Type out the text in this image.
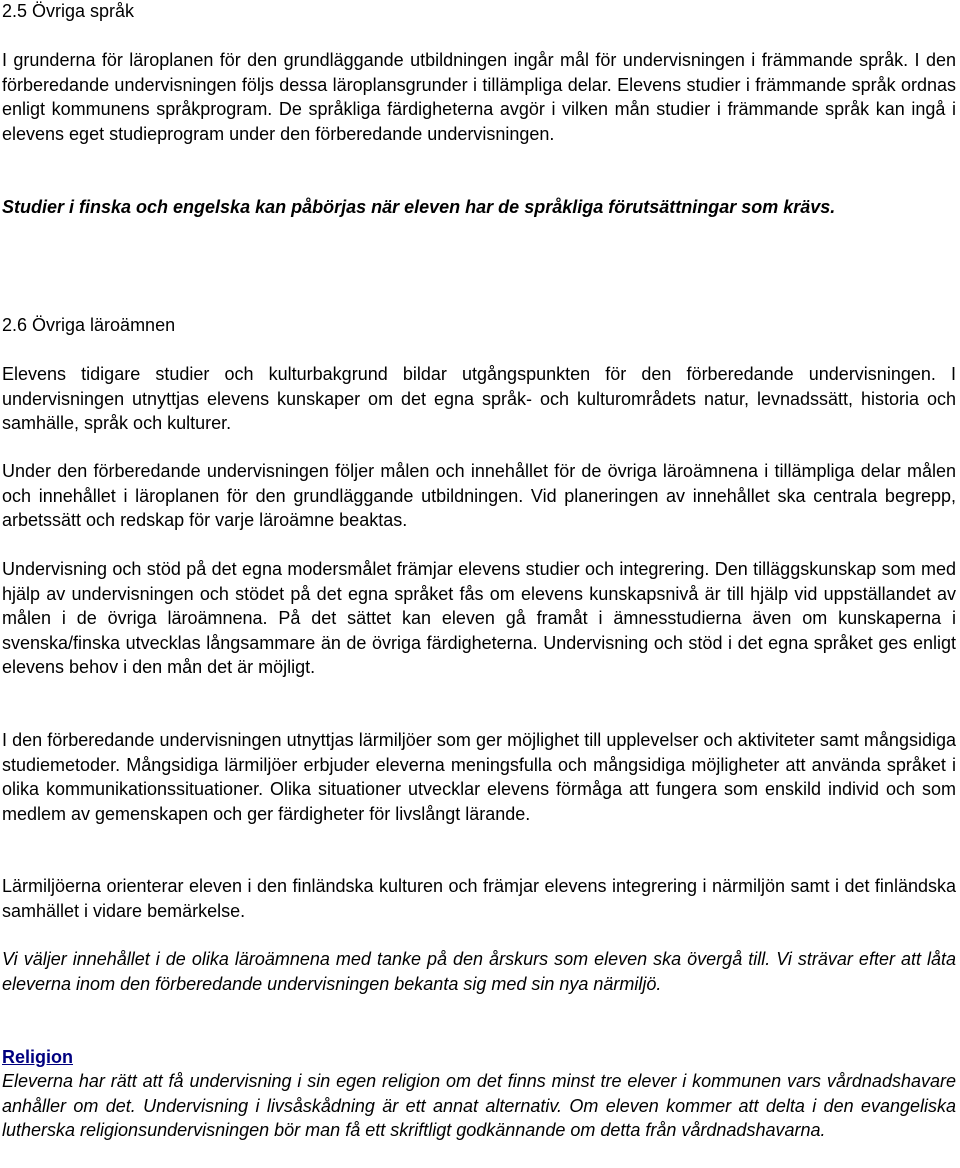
2.5 Övriga språk

I grunderna för läroplanen för den grundläggande utbildningen ingår mål för undervisningen i främmande språk. I den förberedande undervisningen följs dessa läroplansgrunder i tillämpliga delar. Elevens studier i främmande språk ordnas enligt kommunens språkprogram. De språkliga färdigheterna avgör i vilken mån studier i främmande språk kan ingå i elevens eget studieprogram under den förberedande undervisningen.

Studier i finska och engelska kan påbörjas när eleven har de språkliga förutsättningar som krävs.

2.6 Övriga läroämnen

Elevens tidigare studier och kulturbakgrund bildar utgångspunkten för den förberedande undervisningen. I undervisningen utnyttjas elevens kunskaper om det egna språk- och kulturområdets natur, levnadssätt, historia och samhälle, språk och kulturer.

Under den förberedande undervisningen följer målen och innehållet för de övriga läroämnena i tillämpliga delar målen och innehållet i läroplanen för den grundläggande utbildningen. Vid planeringen av innehållet ska centrala begrepp, arbetssätt och redskap för varje läroämne beaktas.

Undervisning och stöd på det egna modersmålet främjar elevens studier och integrering. Den tilläggskunskap som med hjälp av undervisningen och stödet på det egna språket fås om elevens kunskapsnivå är till hjälp vid uppställandet av målen i de övriga läroämnena. På det sättet kan eleven gå framåt i ämnesstudierna även om kunskaperna i svenska/finska utvecklas långsammare än de övriga färdigheterna. Undervisning och stöd i det egna språket ges enligt elevens behov i den mån det är möjligt.

I den förberedande undervisningen utnyttjas lärmiljöer som ger möjlighet till upplevelser och aktiviteter samt mångsidiga studiemetoder. Mångsidiga lärmiljöer erbjuder eleverna meningsfulla och mångsidiga möjligheter att använda språket i olika kommunikationssituationer. Olika situationer utvecklar elevens förmåga att fungera som enskild individ och som medlem av gemenskapen och ger färdigheter för livslångt lärande.

Lärmiljöerna orienterar eleven i den finländska kulturen och främjar elevens integrering i närmiljön samt i det finländska samhället i vidare bemärkelse.

Vi väljer innehållet i de olika läroämnena med tanke på den årskurs som eleven ska övergå till. Vi strävar efter att låta eleverna inom den förberedande undervisningen bekanta sig med sin nya närmiljö.

Religion

Eleverna har rätt att få undervisning i sin egen religion om det finns minst tre elever i kommunen vars vårdnadshavare anhåller om det. Undervisning i livsåskådning är ett annat alternativ. Om eleven kommer att delta i den evangeliska lutherska religionsundervisningen bör man få ett skriftligt godkännande om detta från vårdnadshavarna.
